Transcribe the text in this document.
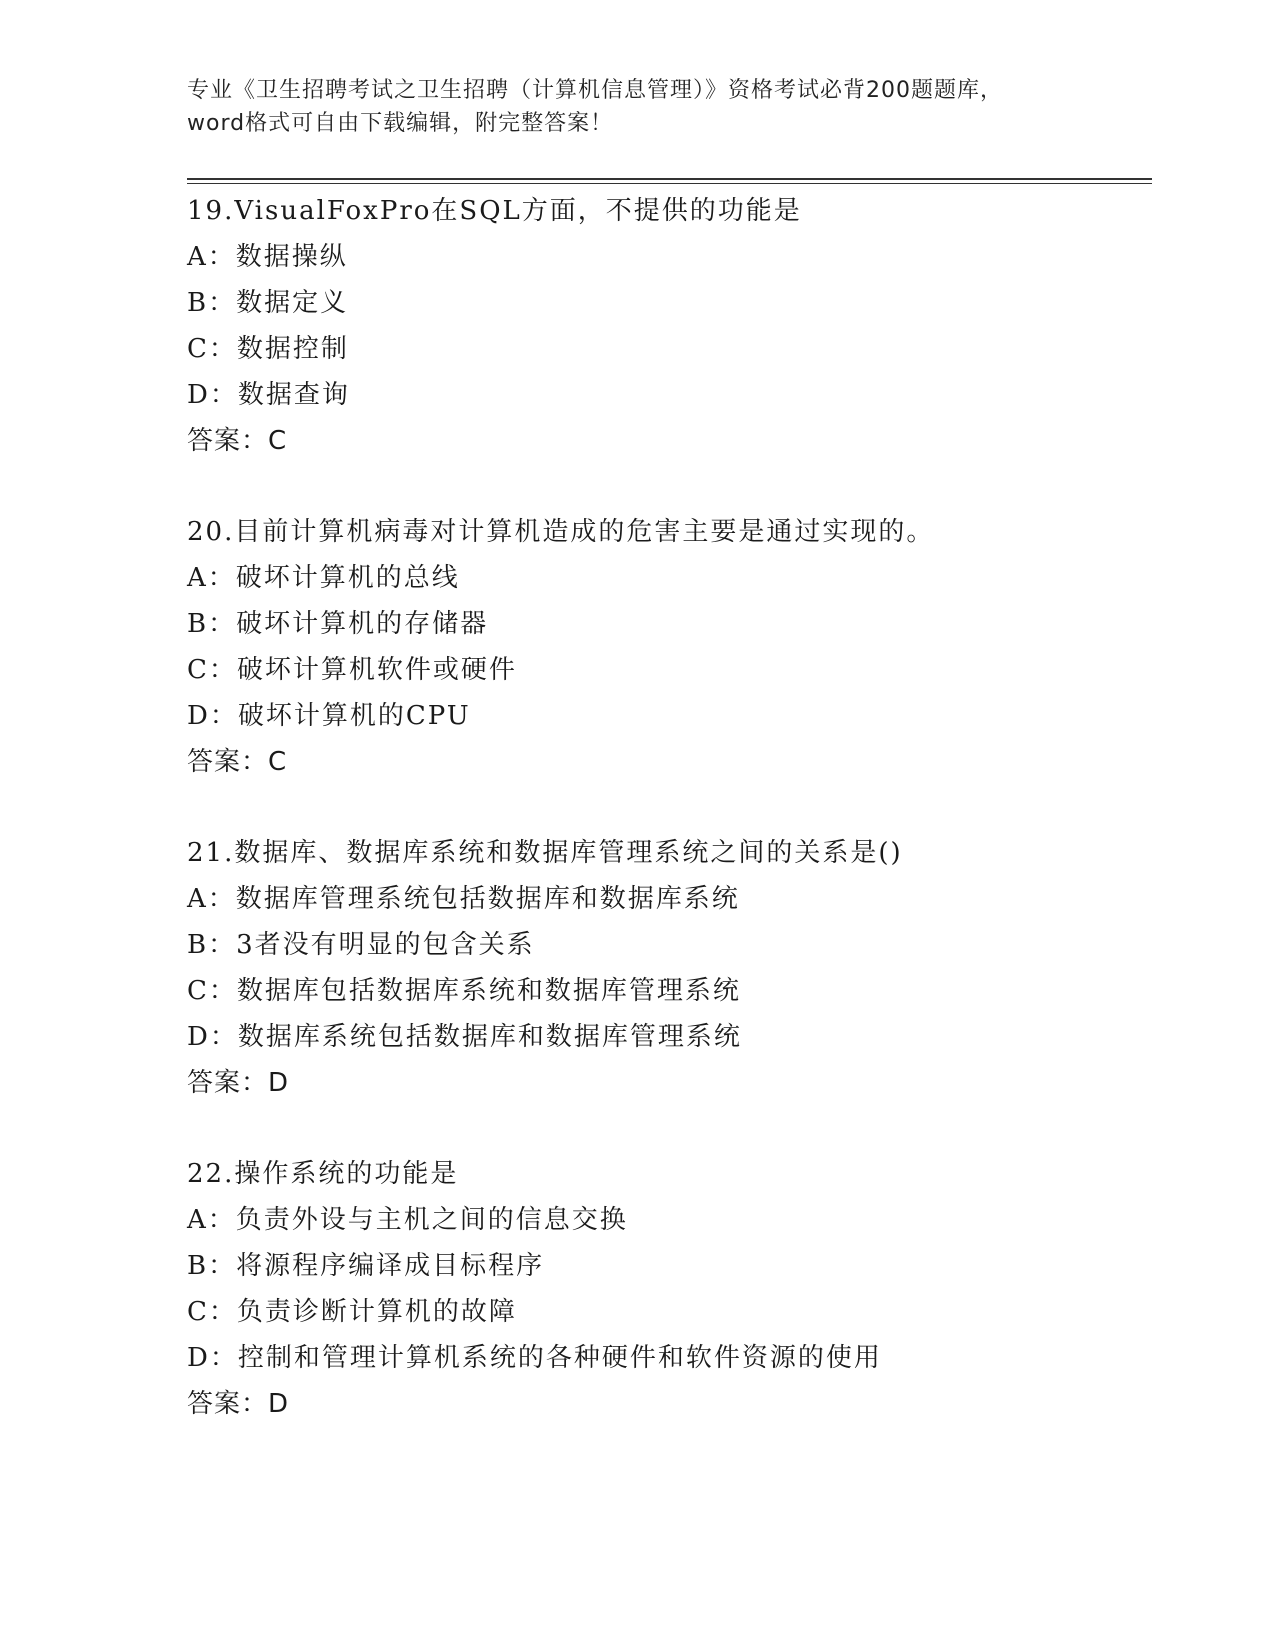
专业《卫生招聘考试之卫生招聘（计算机信息管理）》资格考试必背200题题库，
word格式可自由下载编辑，附完整答案！
19.VisualFoxPro在SQL方面，不提供的功能是
A：数据操纵
B：数据定义
C：数据控制
D：数据查询
答案：C
20.目前计算机病毒对计算机造成的危害主要是通过实现的。
A：破坏计算机的总线
B：破坏计算机的存储器
C：破坏计算机软件或硬件
D：破坏计算机的CPU
答案：C
21.数据库、数据库系统和数据库管理系统之间的关系是()
A：数据库管理系统包括数据库和数据库系统
B：3者没有明显的包含关系
C：数据库包括数据库系统和数据库管理系统
D：数据库系统包括数据库和数据库管理系统
答案：D
22.操作系统的功能是
A：负责外设与主机之间的信息交换
B：将源程序编译成目标程序
C：负责诊断计算机的故障
D：控制和管理计算机系统的各种硬件和软件资源的使用
答案：D
